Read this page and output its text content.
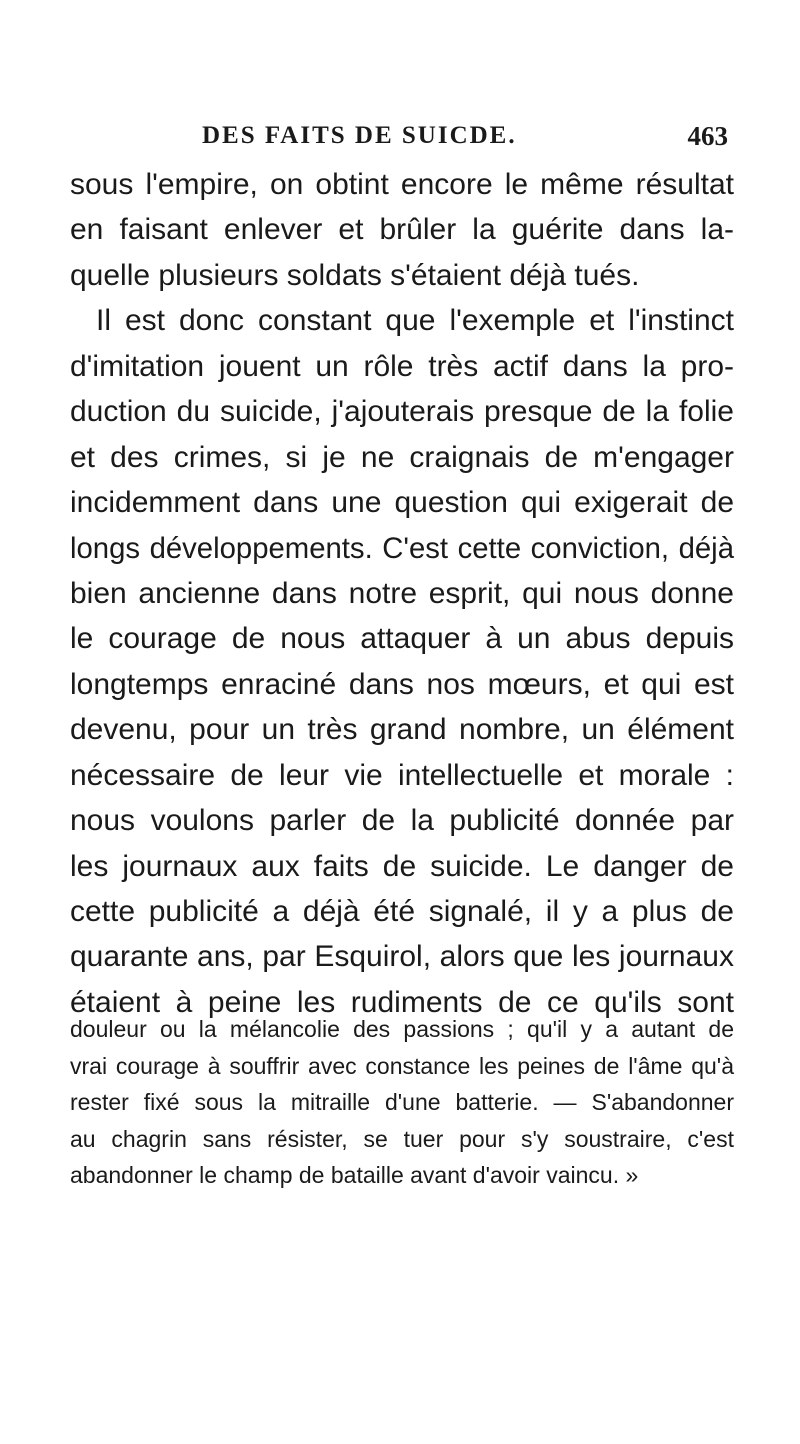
DES FAITS DE SUICDE.	463
sous l'empire, on obtint encore le même résultat
en faisant enlever et brûler la guérite dans la-
quelle plusieurs soldats s'étaient déjà tués.
Il est donc constant que l'exemple et l'instinct
d'imitation jouent un rôle très actif dans la pro-
duction du suicide, j'ajouterais presque de la folie
et des crimes, si je ne craignais de m'engager
incidemment dans une question qui exigerait de
longs développements. C'est cette conviction, déjà
bien ancienne dans notre esprit, qui nous donne
le courage de nous attaquer à un abus depuis
longtemps enraciné dans nos mœurs, et qui est
devenu, pour un très grand nombre, un élément
nécessaire de leur vie intellectuelle et morale :
nous voulons parler de la publicité donnée par
les journaux aux faits de suicide. Le danger de
cette publicité a déjà été signalé, il y a plus de
quarante ans, par Esquirol, alors que les journaux
étaient à peine les rudiments de ce qu'ils sont
douleur ou la mélancolie des passions ; qu'il y a autant de
vrai courage à souffrir avec constance les peines de l'âme qu'à
rester fixé sous la mitraille d'une batterie. — S'abandonner
au chagrin sans résister, se tuer pour s'y soustraire, c'est
abandonner le champ de bataille avant d'avoir vaincu. »
